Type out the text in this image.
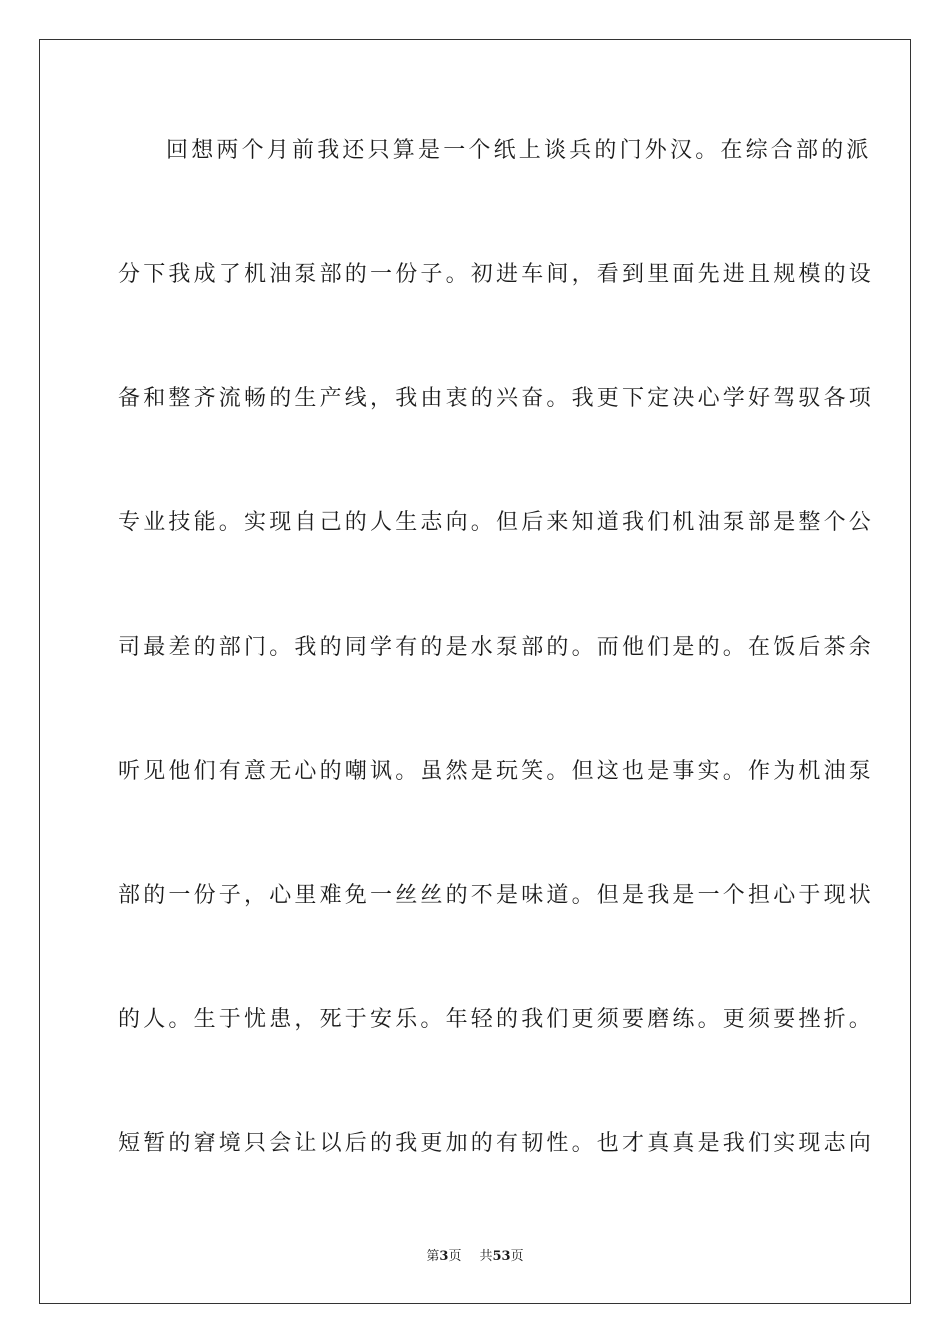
回想两个月前我还只算是一个纸上谈兵的门外汉。在综合部的派
分下我成了机油泵部的一份子。初进车间，看到里面先进且规模的设
备和整齐流畅的生产线，我由衷的兴奋。我更下定决心学好驾驭各项
专业技能。实现自己的人生志向。但后来知道我们机油泵部是整个公
司最差的部门。我的同学有的是水泵部的。而他们是的。在饭后茶余
听见他们有意无心的嘲讽。虽然是玩笑。但这也是事实。作为机油泵
部的一份子，心里难免一丝丝的不是味道。但是我是一个担心于现状
的人。生于忧患，死于安乐。年轻的我们更须要磨练。更须要挫折。
短暂的窘境只会让以后的我更加的有韧性。也才真真是我们实现志向
第3页 共53页
